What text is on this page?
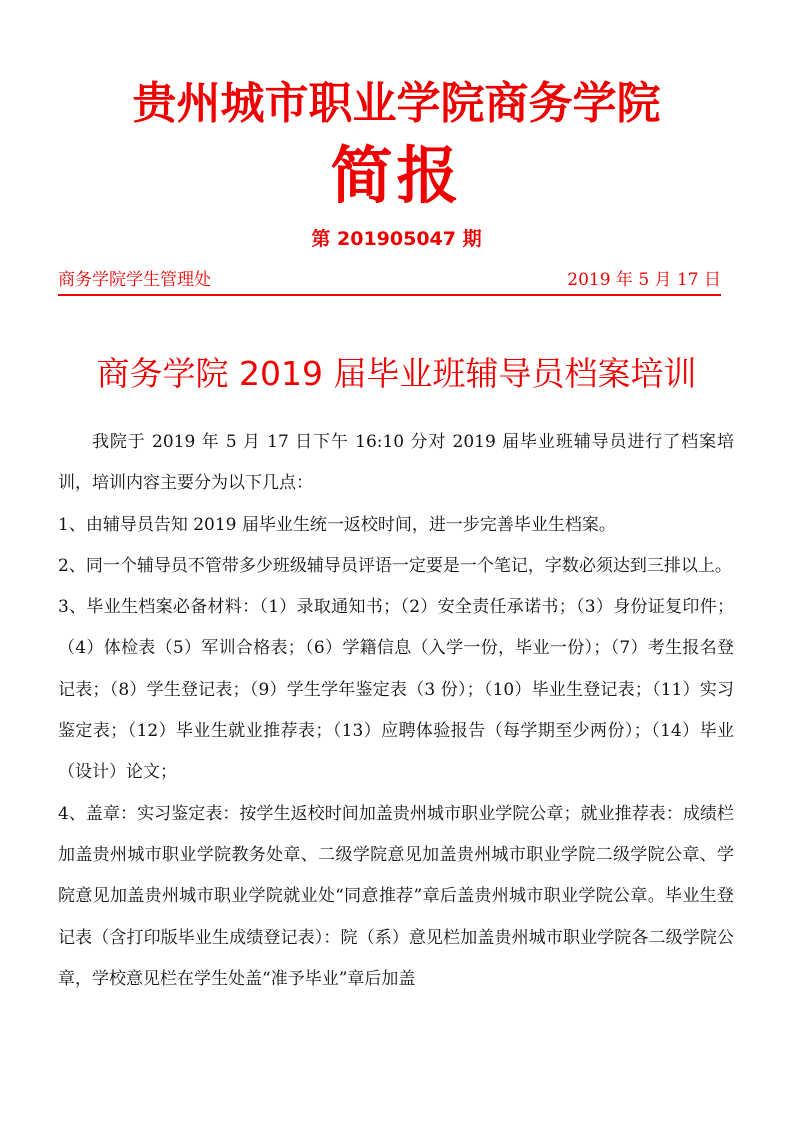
贵州城市职业学院商务学院
简报
第 201905047 期
商务学院学生管理处	2019 年 5 月 17 日
商务学院 2019 届毕业班辅导员档案培训

我院于 2019 年 5 月 17 日下午 16:10 分对 2019 届毕业班辅导员进行了档案培训，培训内容主要分为以下几点：

1、由辅导员告知 2019 届毕业生统一返校时间，进一步完善毕业生档案。

2、同一个辅导员不管带多少班级辅导员评语一定要是一个笔记，字数必须达到三排以上。

3、毕业生档案必备材料：（1）录取通知书；（2）安全责任承诺书；（3）身份证复印件；（4）体检表（5）军训合格表；（6）学籍信息（入学一份，毕业一份）；（7）考生报名登记表；（8）学生登记表；（9）学生学年鉴定表（3 份）；（10）毕业生登记表；（11）实习鉴定表；（12）毕业生就业推荐表；（13）应聘体验报告（每学期至少两份）；（14）毕业（设计）论文；

4、盖章：实习鉴定表：按学生返校时间加盖贵州城市职业学院公章；就业推荐表：成绩栏加盖贵州城市职业学院教务处章、二级学院意见加盖贵州城市职业学院二级学院公章、学院意见加盖贵州城市职业学院就业处“同意推荐”章后盖贵州城市职业学院公章。毕业生登记表（含打印版毕业生成绩登记表）：院（系）意见栏加盖贵州城市职业学院各二级学院公章，学校意见栏在学生处盖“准予毕业”章后加盖
